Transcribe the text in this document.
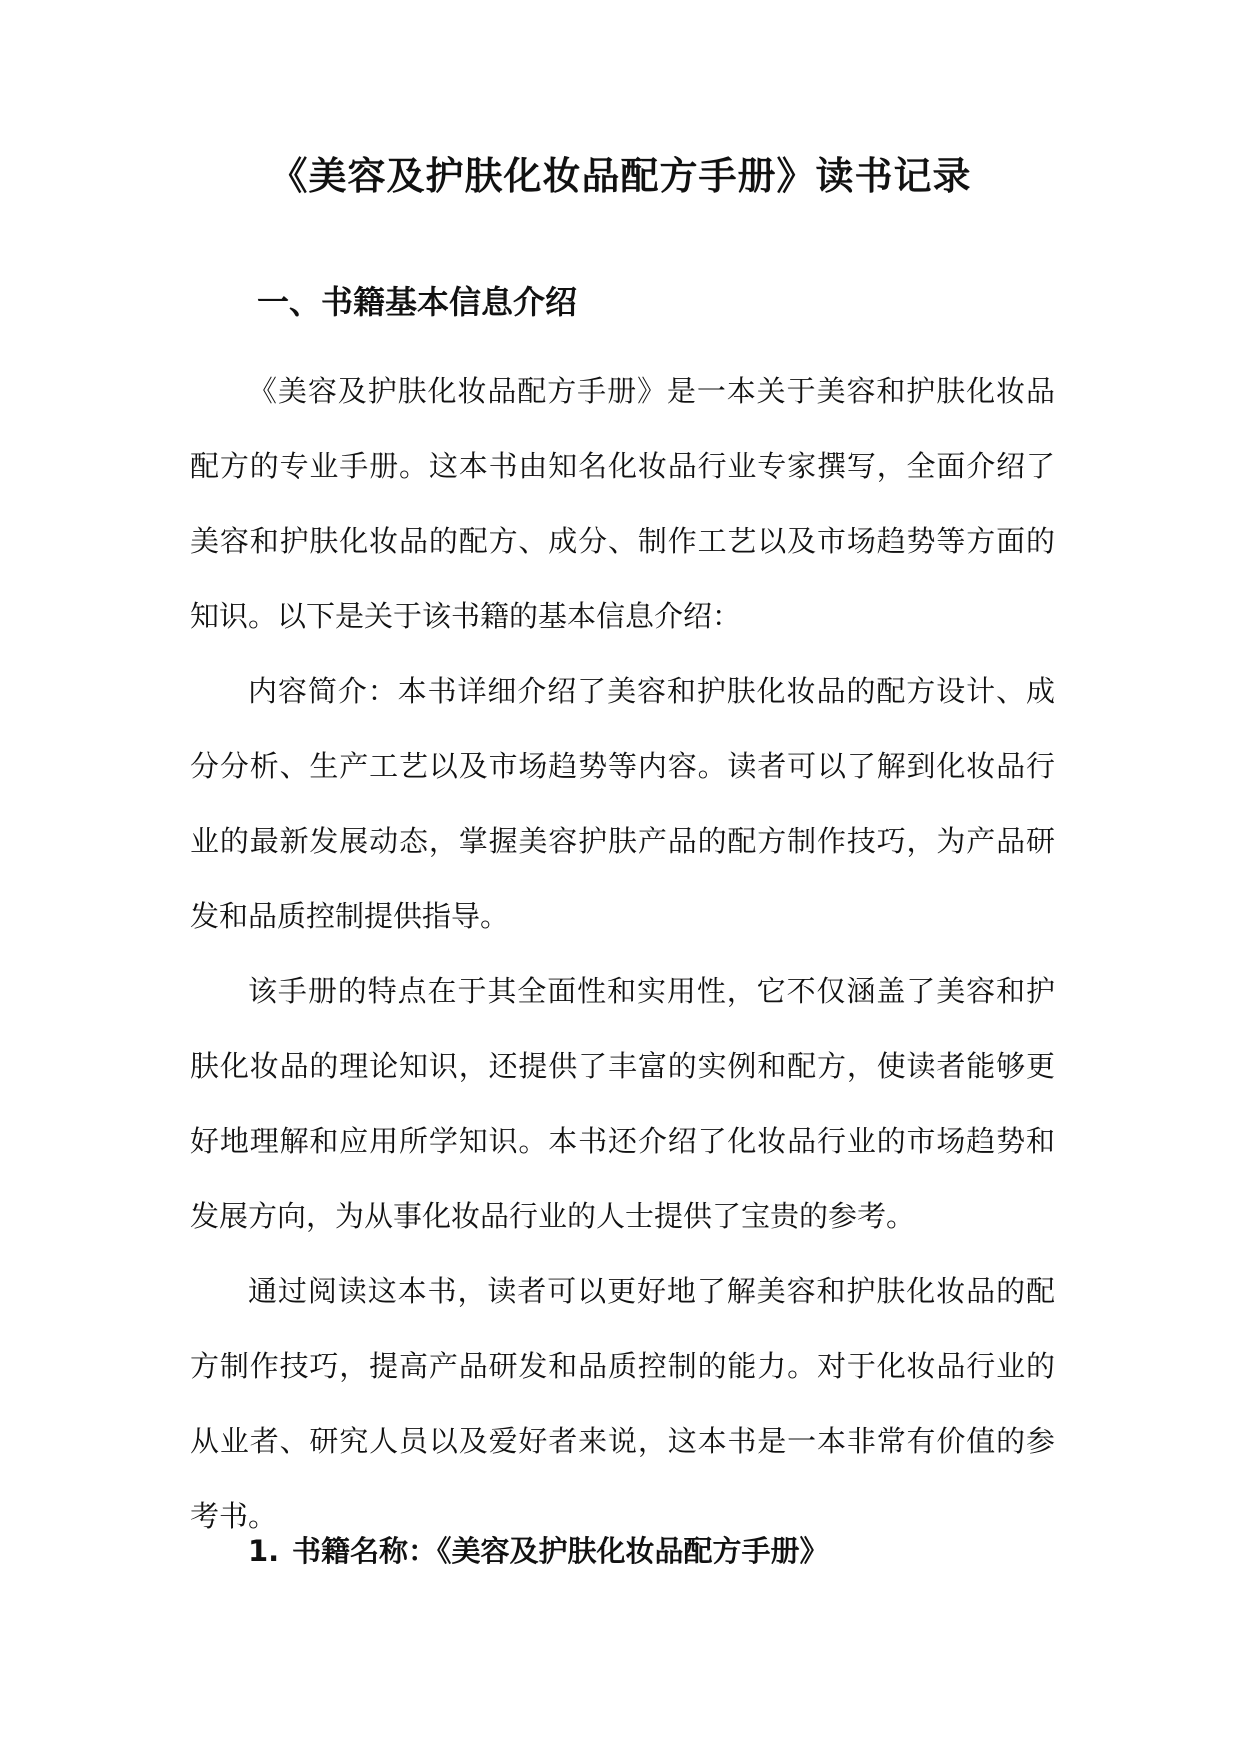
《美容及护肤化妆品配方手册》读书记录
一、书籍基本信息介绍

《美容及护肤化妆品配方手册》是一本关于美容和护肤化妆品配方的专业手册。这本书由知名化妆品行业专家撰写，全面介绍了美容和护肤化妆品的配方、成分、制作工艺以及市场趋势等方面的知识。以下是关于该书籍的基本信息介绍：

内容简介：本书详细介绍了美容和护肤化妆品的配方设计、成分分析、生产工艺以及市场趋势等内容。读者可以了解到化妆品行业的最新发展动态，掌握美容护肤产品的配方制作技巧，为产品研发和品质控制提供指导。

该手册的特点在于其全面性和实用性，它不仅涵盖了美容和护肤化妆品的理论知识，还提供了丰富的实例和配方，使读者能够更好地理解和应用所学知识。本书还介绍了化妆品行业的市场趋势和发展方向，为从事化妆品行业的人士提供了宝贵的参考。

通过阅读这本书，读者可以更好地了解美容和护肤化妆品的配方制作技巧，提高产品研发和品质控制的能力。对于化妆品行业的从业者、研究人员以及爱好者来说，这本书是一本非常有价值的参考书。

1. 书籍名称：《美容及护肤化妆品配方手册》
